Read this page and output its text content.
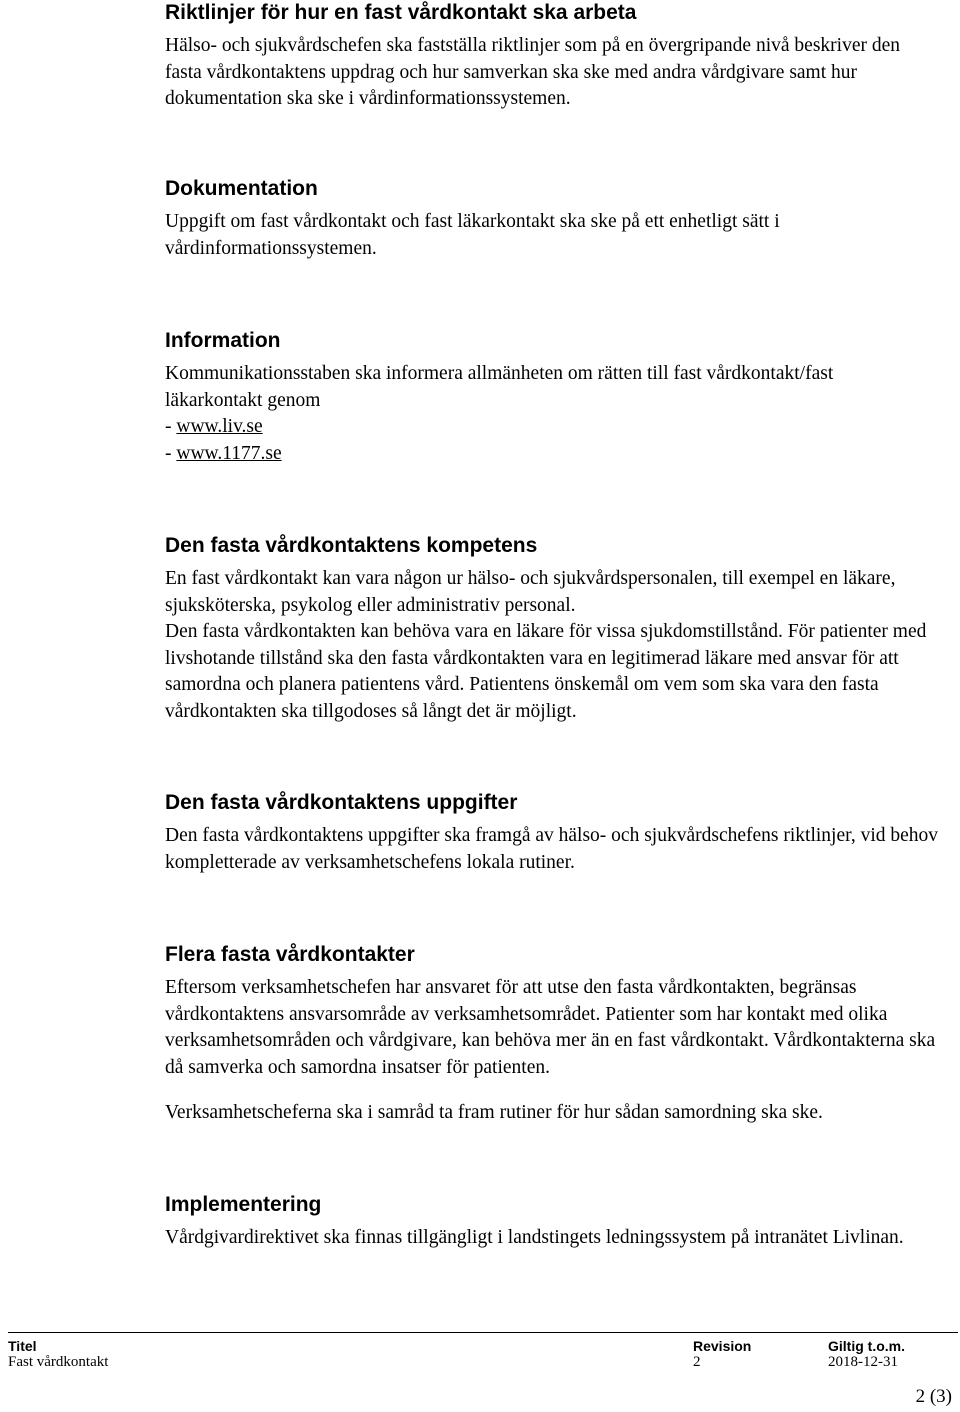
Riktlinjer för hur en fast vårdkontakt ska arbeta

Hälso- och sjukvårdschefen ska fastställa riktlinjer som på en övergripande nivå beskriver den fasta vårdkontaktens uppdrag och hur samverkan ska ske med andra vårdgivare samt hur dokumentation ska ske i vårdinformationssystemen.

Dokumentation

Uppgift om fast vårdkontakt och fast läkarkontakt ska ske på ett enhetligt sätt i vårdinformationssystemen.

Information

Kommunikationsstaben ska informera allmänheten om rätten till fast vårdkontakt/fast läkarkontakt genom

- www.liv.se
- www.1177.se
Den fasta vårdkontaktens kompetens

En fast vårdkontakt kan vara någon ur hälso- och sjukvårdspersonalen, till exempel en läkare, sjuksköterska, psykolog eller administrativ personal.

Den fasta vårdkontakten kan behöva vara en läkare för vissa sjukdomstillstånd. För patienter med livshotande tillstånd ska den fasta vårdkontakten vara en legitimerad läkare med ansvar för att samordna och planera patientens vård. Patientens önskemål om vem som ska vara den fasta vårdkontakten ska tillgodoses så långt det är möjligt.

Den fasta vårdkontaktens uppgifter

Den fasta vårdkontaktens uppgifter ska framgå av hälso- och sjukvårdschefens riktlinjer, vid behov kompletterade av verksamhetschefens lokala rutiner.

Flera fasta vårdkontakter

Eftersom verksamhetschefen har ansvaret för att utse den fasta vårdkontakten, begränsas vårdkontaktens ansvarsområde av verksamhetsområdet. Patienter som har kontakt med olika verksamhetsområden och vårdgivare, kan behöva mer än en fast vårdkontakt. Vårdkontakterna ska då samverka och samordna insatser för patienten.

Verksamhetscheferna ska i samråd ta fram rutiner för hur sådan samordning ska ske.

Implementering

Vårdgivardirektivet ska finnas tillgängligt i landstingets ledningssystem på intranätet Livlinan.

Titel
Fast vårdkontakt
Revision
2
Giltig t.o.m.
2018-12-31
2 (3)
